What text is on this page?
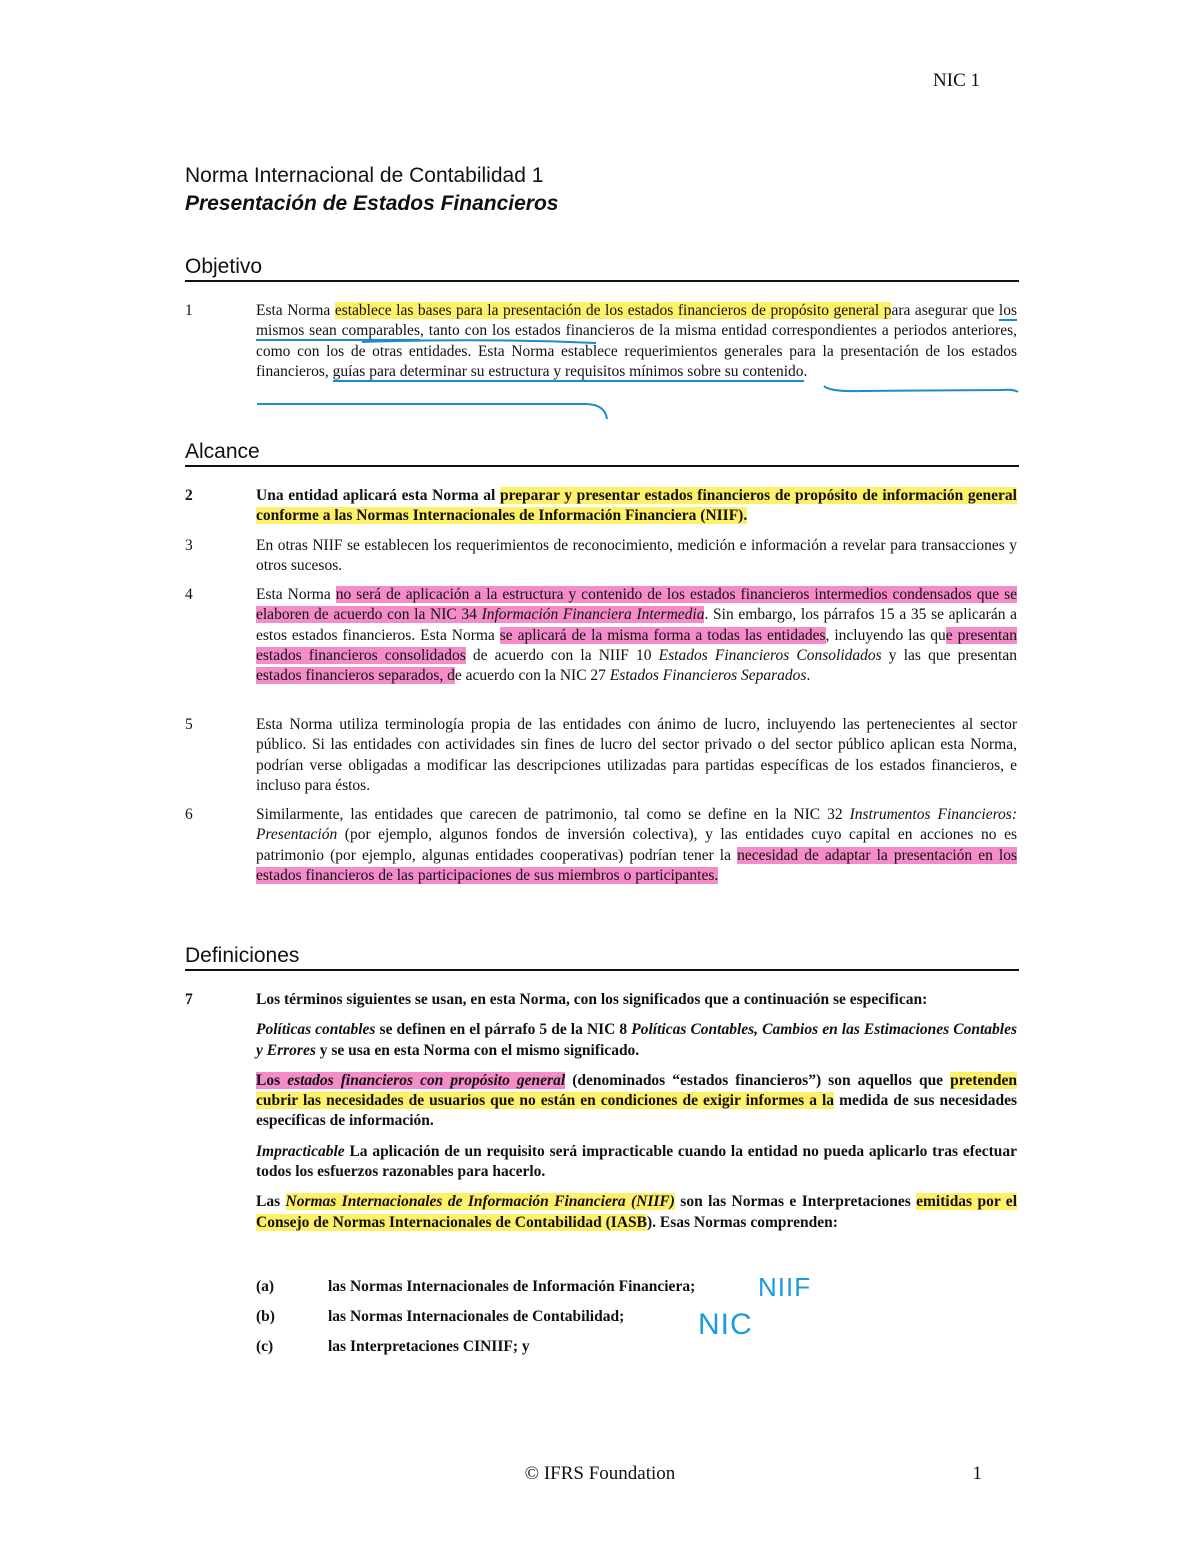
NIC 1
Norma Internacional de Contabilidad 1
Presentación de Estados Financieros
Objetivo
1	Esta Norma establece las bases para la presentación de los estados financieros de propósito general para asegurar que los mismos sean comparables, tanto con los estados financieros de la misma entidad correspondientes a periodos anteriores, como con los de otras entidades. Esta Norma establece requerimientos generales para la presentación de los estados financieros, guías para determinar su estructura y requisitos mínimos sobre su contenido.
Alcance
2	Una entidad aplicará esta Norma al preparar y presentar estados financieros de propósito de información general conforme a las Normas Internacionales de Información Financiera (NIIF).
3	En otras NIIF se establecen los requerimientos de reconocimiento, medición e información a revelar para transacciones y otros sucesos.
4	Esta Norma no será de aplicación a la estructura y contenido de los estados financieros intermedios condensados que se elaboren de acuerdo con la NIC 34 Información Financiera Intermedia. Sin embargo, los párrafos 15 a 35 se aplicarán a estos estados financieros. Esta Norma se aplicará de la misma forma a todas las entidades, incluyendo las que presentan estados financieros consolidados de acuerdo con la NIIF 10 Estados Financieros Consolidados y las que presentan estados financieros separados, de acuerdo con la NIC 27 Estados Financieros Separados.
5	Esta Norma utiliza terminología propia de las entidades con ánimo de lucro, incluyendo las pertenecientes al sector público. Si las entidades con actividades sin fines de lucro del sector privado o del sector público aplican esta Norma, podrían verse obligadas a modificar las descripciones utilizadas para partidas específicas de los estados financieros, e incluso para éstos.
6	Similarmente, las entidades que carecen de patrimonio, tal como se define en la NIC 32 Instrumentos Financieros: Presentación (por ejemplo, algunos fondos de inversión colectiva), y las entidades cuyo capital en acciones no es patrimonio (por ejemplo, algunas entidades cooperativas) podrían tener la necesidad de adaptar la presentación en los estados financieros de las participaciones de sus miembros o participantes.
Definiciones
7	Los términos siguientes se usan, en esta Norma, con los significados que a continuación se especifican:
Políticas contables se definen en el párrafo 5 de la NIC 8 Políticas Contables, Cambios en las Estimaciones Contables y Errores y se usa en esta Norma con el mismo significado.
Los estados financieros con propósito general (denominados “estados financieros”) son aquellos que pretenden cubrir las necesidades de usuarios que no están en condiciones de exigir informes a la medida de sus necesidades específicas de información.
Impracticable La aplicación de un requisito será impracticable cuando la entidad no pueda aplicarlo tras efectuar todos los esfuerzos razonables para hacerlo.
Las Normas Internacionales de Información Financiera (NIIF) son las Normas e Interpretaciones emitidas por el Consejo de Normas Internacionales de Contabilidad (IASB). Esas Normas comprenden:
(a)	las Normas Internacionales de Información Financiera;
(b)	las Normas Internacionales de Contabilidad;
(c)	las Interpretaciones CINIIF; y
NIIF
NIC
© IFRS Foundation	1
